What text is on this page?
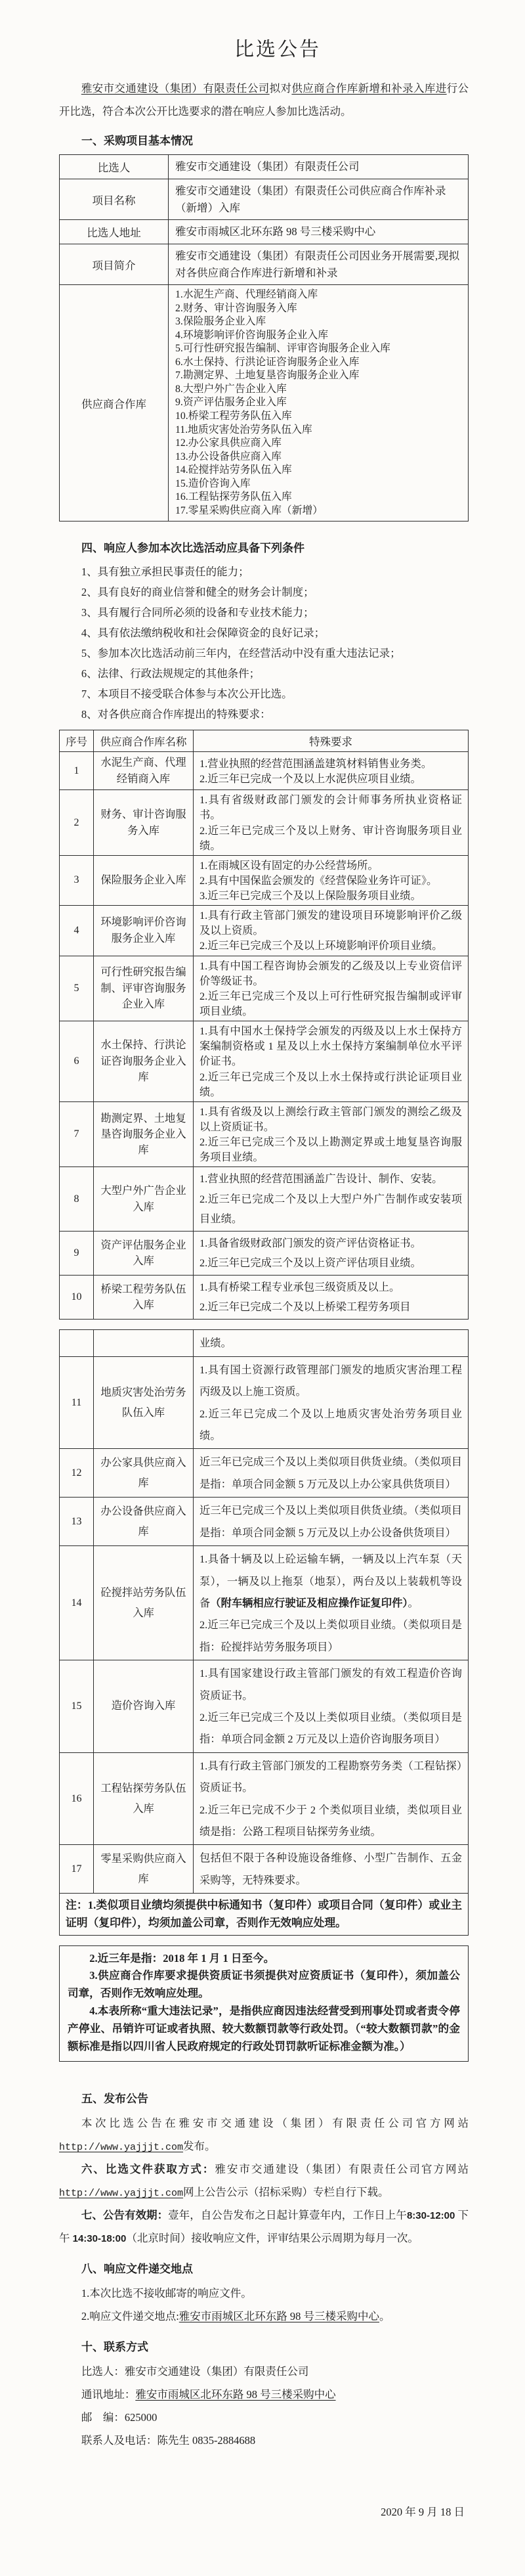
比选公告

雅安市交通建设（集团）有限责任公司拟对供应商合作库新增和补录入库进行公开比选，符合本次公开比选要求的潜在响应人参加比选活动。

一、采购项目基本情况

比选人	雅安市交通建设（集团）有限责任公司

项目名称	雅安市交通建设（集团）有限责任公司供应商合作库补录（新增）入库

比选人地址	雅安市雨城区北环东路 98 号三楼采购中心

项目简介	雅安市交通建设（集团）有限责任公司因业务开展需要,现拟对各供应商合作库进行新增和补录

供应商合作库	
1.水泥生产商、代理经销商入库
2.财务、审计咨询服务入库
3.保险服务企业入库
4.环境影响评价咨询服务企业入库
5.可行性研究报告编制、评审咨询服务企业入库
6.水土保持、行洪论证咨询服务企业入库
7.勘测定界、土地复垦咨询服务企业入库
8.大型户外广告企业入库
9.资产评估服务企业入库
10.桥梁工程劳务队伍入库
11.地质灾害处治劳务队伍入库
12.办公家具供应商入库
13.办公设备供应商入库
14.砼搅拌站劳务队伍入库
15.造价咨询入库
16.工程钻探劳务队伍入库
17.零星采购供应商入库（新增）

四、响应人参加本次比选活动应具备下列条件

1、具有独立承担民事责任的能力；

2、具有良好的商业信誉和健全的财务会计制度；

3、具有履行合同所必须的设备和专业技术能力；

4、具有依法缴纳税收和社会保障资金的良好记录；

5、参加本次比选活动前三年内，在经营活动中没有重大违法记录；

6、法律、行政法规规定的其他条件；

7、本项目不接受联合体参与本次公开比选。

8、对各供应商合作库提出的特殊要求：

序号	供应商合作库名称	特殊要求
1	水泥生产商、代理经销商入库	1.营业执照的经营范围涵盖建筑材料销售业务类。
2.近三年已完成一个及以上水泥供应项目业绩。

2	财务、审计咨询服务入库	1.具有省级财政部门颁发的会计师事务所执业资格证书。
2.近三年已完成三个及以上财务、审计咨询服务项目业绩。

3	保险服务企业入库	1.在雨城区设有固定的办公经营场所。
2.具有中国保监会颁发的《经营保险业务许可证》。
3.近三年已完成三个及以上保险服务项目业绩。

4	环境影响评价咨询服务企业入库	1.具有行政主管部门颁发的建设项目环境影响评价乙级及以上资质。
2.近三年已完成三个及以上环境影响评价项目业绩。

5	可行性研究报告编制、评审咨询服务企业入库	1.具有中国工程咨询协会颁发的乙级及以上专业资信评价等级证书。
2.近三年已完成三个及以上可行性研究报告编制或评审项目业绩。

6	水土保持、行洪论证咨询服务企业入库	1.具有中国水土保持学会颁发的丙级及以上水土保持方案编制资格或 1 星及以上水土保持方案编制单位水平评价证书。
2.近三年已完成三个及以上水土保持或行洪论证项目业绩。

7	勘测定界、土地复垦咨询服务企业入库	1.具有省级及以上测绘行政主管部门颁发的测绘乙级及以上资质证书。
2.近三年已完成三个及以上勘测定界或土地复垦咨询服务项目业绩。

8	大型户外广告企业入库	1.营业执照的经营范围涵盖广告设计、制作、安装。
2.近三年已完成二个及以上大型户外广告制作或安装项目业绩。

9	资产评估服务企业入库	1.具备省级财政部门颁发的资产评估资格证书。
2.近三年已完成三个及以上资产评估项目业绩。

10	桥梁工程劳务队伍入库	1.具有桥梁工程专业承包三级资质及以上。
2.近三年已完成二个及以上桥梁工程劳务项目

		业绩。

11	地质灾害处治劳务队伍入库	1.具有国土资源行政管理部门颁发的地质灾害治理工程丙级及以上施工资质。
2.近三年已完成二个及以上地质灾害处治劳务项目业绩。

12	办公家具供应商入库	近三年已完成三个及以上类似项目供货业绩。（类似项目是指：单项合同金额 5 万元及以上办公家具供货项目）

13	办公设备供应商入库	近三年已完成三个及以上类似项目供货业绩。（类似项目是指：单项合同金额 5 万元及以上办公设备供货项目）

14	砼搅拌站劳务队伍入库	1.具备十辆及以上砼运输车辆，一辆及以上汽车泵（天泵），一辆及以上拖泵（地泵），两台及以上装载机等设备（附车辆相应行驶证及相应操作证复印件）。
2.近三年已完成三个及以上类似项目业绩。（类似项目是指：砼搅拌站劳务服务项目）

15	造价咨询入库	1.具有国家建设行政主管部门颁发的有效工程造价咨询资质证书。
2.近三年已完成三个及以上类似项目业绩。（类似项目是指：单项合同金额 2 万元及以上造价咨询服务项目）

16	工程钻探劳务队伍入库	1.具有行政主管部门颁发的工程勘察劳务类（工程钻探）资质证书。
2.近三年已完成不少于 2 个类似项目业绩，类似项目业绩是指：公路工程项目钻探劳务业绩。

17	零星采购供应商入库	包括但不限于各种设施设备维修、小型广告制作、五金采购等，无特殊要求。

注：1.类似项目业绩均须提供中标通知书（复印件）或项目合同（复印件）或业主证明（复印件），均须加盖公司章，否则作无效响应处理。		
2.近三年是指：2018 年 1 月 1 日至今。
3.供应商合作库要求提供资质证书须提供对应资质证书（复印件），须加盖公司章，否则作无效响应处理。
4.本表所称“重大违法记录”，是指供应商因违法经营受到刑事处罚或者责令停产停业、吊销许可证或者执照、较大数额罚款等行政处罚。（“较大数额罚款”的金额标准是指以四川省人民政府规定的行政处罚罚款听证标准金额为准。）

五、发布公告

本次比选公告在雅安市交通建设（集团）有限责任公司官方网站http://www.yajjjt.com发布。

六、比选文件获取方式：雅安市交通建设（集团）有限责任公司官方网站http://www.yajjjt.com网上公告公示（招标采购）专栏自行下载。

七、公告有效期：壹年，自公告发布之日起计算壹年内，工作日上午8:30-12:00 下午 14:30-18:00（北京时间）接收响应文件，评审结果公示周期为每月一次。

八、响应文件递交地点

1.本次比选不接收邮寄的响应文件。

2.响应文件递交地点:雅安市雨城区北环东路 98 号三楼采购中心。

十、联系方式

比选人：雅安市交通建设（集团）有限责任公司

通讯地址：雅安市雨城区北环东路 98 号三楼采购中心

邮　编：625000

联系人及电话：陈先生 0835-2884688

2020 年 9 月 18 日
